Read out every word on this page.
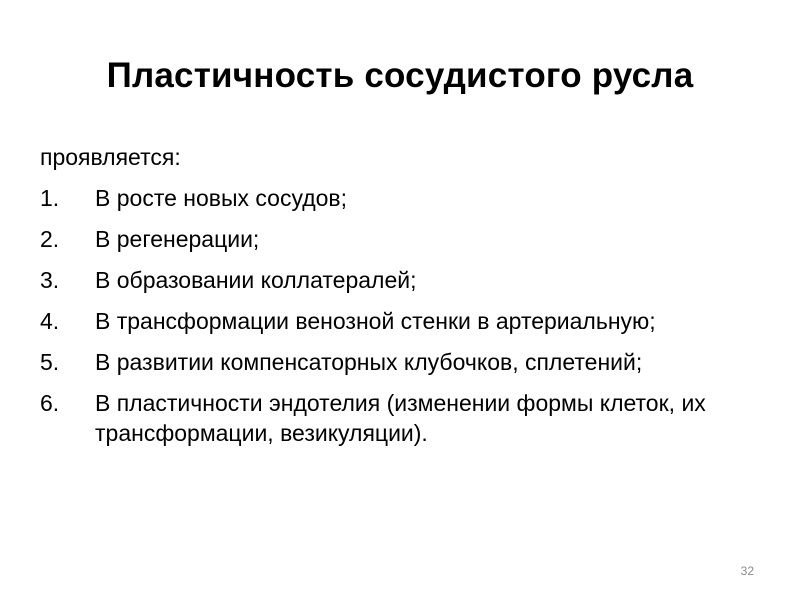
Пластичность сосудистого русла
проявляется:
1.	В росте новых сосудов;
2.	В регенерации;
3.	В образовании коллатералей;
4.	В трансформации венозной стенки в артериальную;
5.	В развитии компенсаторных клубочков, сплетений;
6.	В пластичности эндотелия (изменении формы клеток, их трансформации, везикуляции).
32
